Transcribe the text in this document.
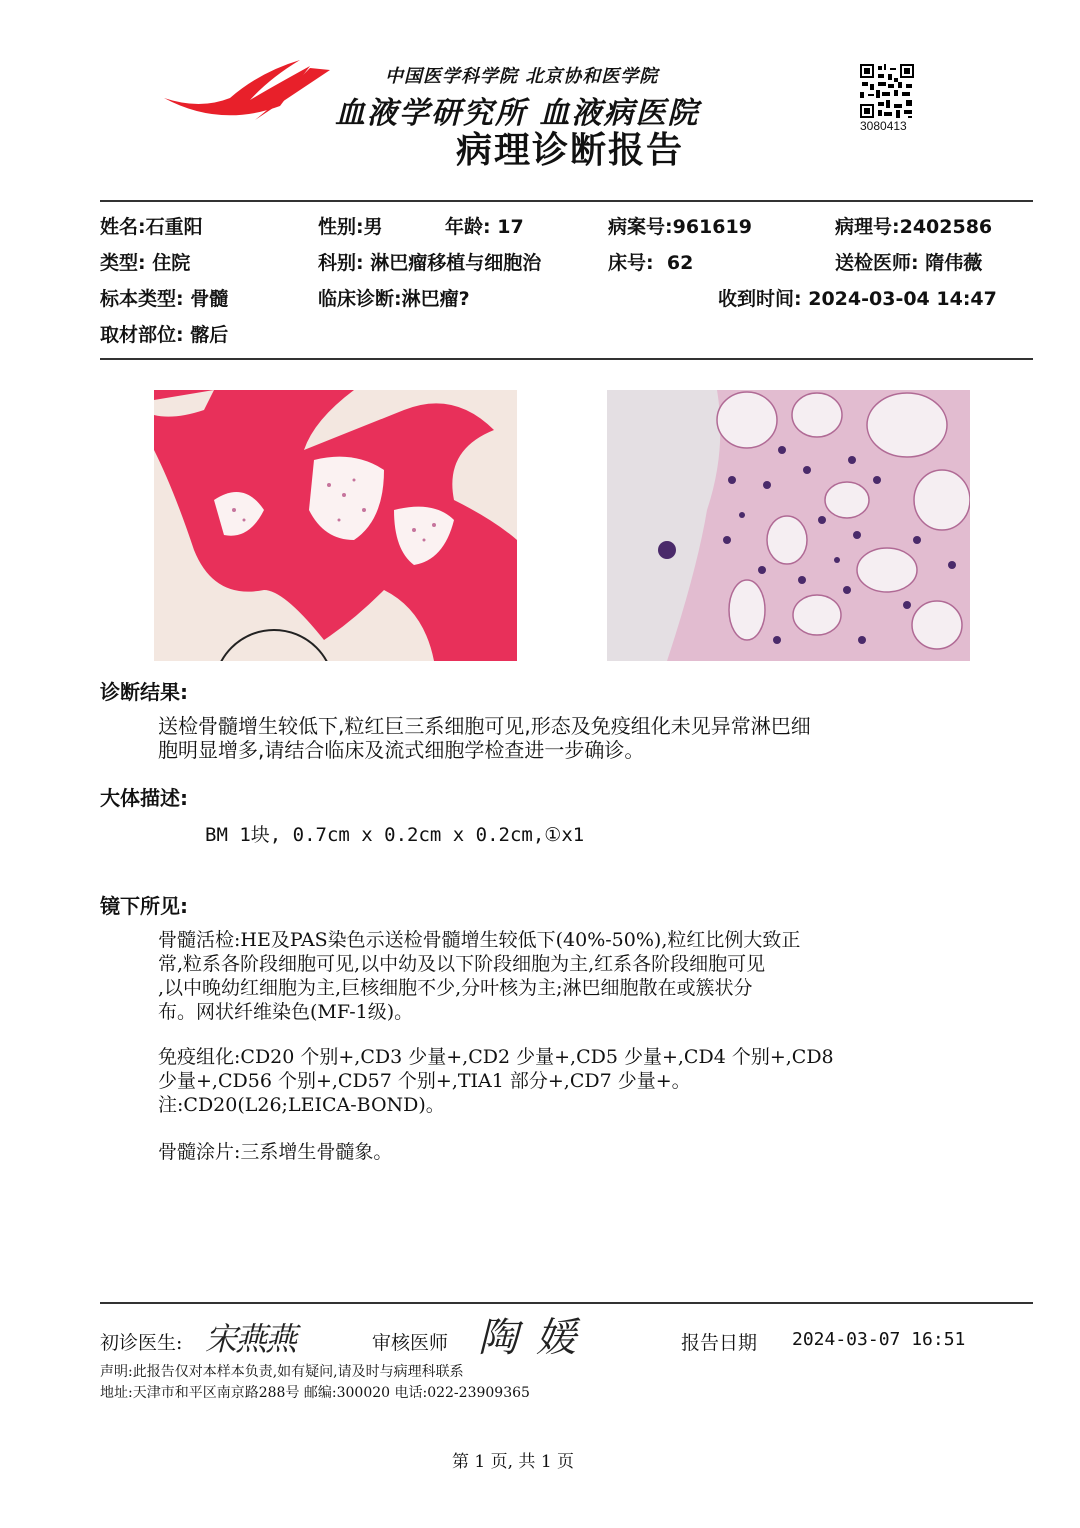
中国医学科学院 北京协和医学院
血液学研究所 血液病医院
病理诊断报告
3080413
姓名:石重阳	性别:男	年龄: 17	病案号:961619	病理号:2402586
类型: 住院	科别: 淋巴瘤移植与细胞治	床号: 62	送检医师: 隋伟薇
标本类型: 骨髓	临床诊断:淋巴瘤?	收到时间: 2024-03-04 14:47
取材部位: 髂后
诊断结果:
送检骨髓增生较低下,粒红巨三系细胞可见,形态及免疫组化未见异常淋巴细
胞明显增多,请结合临床及流式细胞学检查进一步确诊。
大体描述:
BM 1块, 0.7cm x 0.2cm x 0.2cm,①x1
镜下所见:
骨髓活检:HE及PAS染色示送检骨髓增生较低下(40%-50%),粒红比例大致正
常,粒系各阶段细胞可见,以中幼及以下阶段细胞为主,红系各阶段细胞可见
,以中晚幼红细胞为主,巨核细胞不少,分叶核为主;淋巴细胞散在或簇状分
布。网状纤维染色(MF-1级)。
免疫组化:CD20 个别+,CD3 少量+,CD2 少量+,CD5 少量+,CD4 个别+,CD8
少量+,CD56 个别+,CD57 个别+,TIA1 部分+,CD7 少量+。
注:CD20(L26;LEICA-BOND)。
骨髓涂片:三系增生骨髓象。
初诊医生: 宋燕燕	审核医师 陶媛	报告日期 2024-03-07 16:51
声明:此报告仅对本样本负责,如有疑问,请及时与病理科联系
地址:天津市和平区南京路288号 邮编:300020 电话:022-23909365
第 1 页, 共 1 页
